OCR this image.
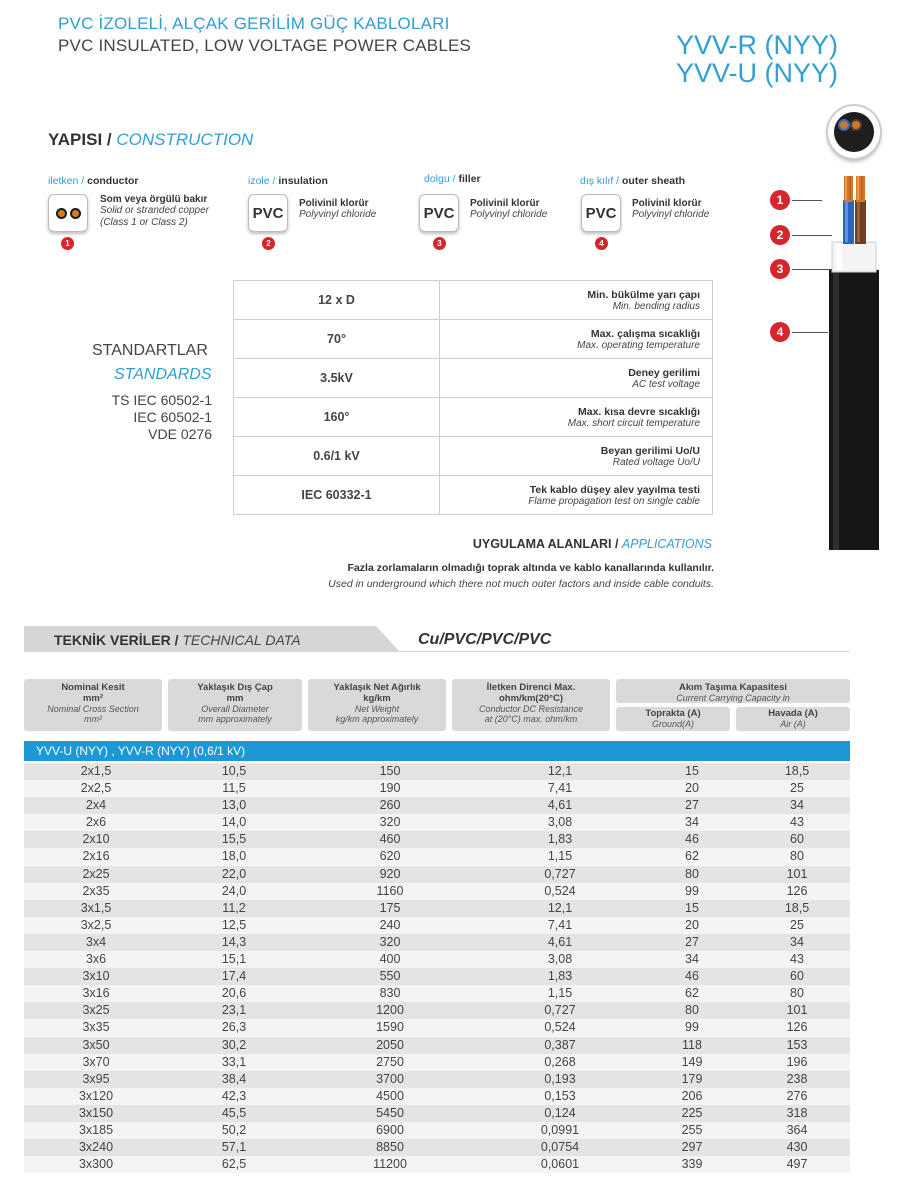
PVC İZOLELİ, ALÇAK GERİLİM GÜÇ KABLOLARI
PVC INSULATED, LOW VOLTAGE POWER CABLES	YVV-R (NYY)
YVV-U (NYY)
YAPISI / CONSTRUCTION
iletken / conductor
Som veya örgülü bakır
Solid or stranded copper
(Class 1 or Class 2)
1
izole / insulation
PVC
Polivinil klorür
Polyvinyl chloride
2
dolgu / filler
PVC
Polivinil klorür
Polyvinyl chloride
3
dış kılıf / outer sheath
PVC
Polivinil klorür
Polyvinyl chloride
4
1
2
3
4
STANDARTLAR
STANDARDS
TS IEC 60502-1
IEC 60502-1
VDE 0276
12 x D	Min. bükülme yarı çapı
Min. bending radius

70°	Max. çalışma sıcaklığı
Max. operating temperature

3.5kV	Deney gerilimi
AC test voltage

160°	Max. kısa devre sıcaklığı
Max. short circuit temperature

0.6/1 kV	Beyan gerilimi Uo/U
Rated voltage Uo/U

IEC 60332-1	Tek kablo düşey alev yayılma testi
Flame propagation test on single cable
UYGULAMA ALANLARI / APPLICATIONS
Fazla zorlamaların olmadığı toprak altında ve kablo kanallarında kullanılır.
Used in underground which there not much outer factors and inside cable conduits.
TEKNİK VERİLER / TECHNICAL DATA	Cu/PVC/PVC/PVC
Nominal Kesit
mm²
Nominal Cross Section
mm²
Yaklaşık Dış Çap
mm
Overall Diameter
mm approximately
Yaklaşık Net Ağırlık
kg/km
Net Weight
kg/km approximately
İletken Direnci Max.
ohm/km(20°C)
Conductor DC Resistance
at (20°C) max. ohm/km
Akım Taşıma Kapasitesi
Current Carrying Capacity in
Toprakta (A)
Ground(A)
Havada (A)
Air (A)
YVV-U (NYY) , YVV-R (NYY) (0,6/1 kV)
2x1,5	10,5	150	12,1	15	18,5
2x2,5	11,5	190	7,41	20	25
2x4	13,0	260	4,61	27	34
2x6	14,0	320	3,08	34	43
2x10	15,5	460	1,83	46	60
2x16	18,0	620	1,15	62	80
2x25	22,0	920	0,727	80	101
2x35	24,0	1160	0,524	99	126
3x1,5	11,2	175	12,1	15	18,5
3x2,5	12,5	240	7,41	20	25
3x4	14,3	320	4,61	27	34
3x6	15,1	400	3,08	34	43
3x10	17,4	550	1,83	46	60
3x16	20,6	830	1,15	62	80
3x25	23,1	1200	0,727	80	101
3x35	26,3	1590	0,524	99	126
3x50	30,2	2050	0,387	118	153
3x70	33,1	2750	0,268	149	196
3x95	38,4	3700	0,193	179	238
3x120	42,3	4500	0,153	206	276
3x150	45,5	5450	0,124	225	318
3x185	50,2	6900	0,0991	255	364
3x240	57,1	8850	0,0754	297	430
3x300	62,5	11200	0,0601	339	497
